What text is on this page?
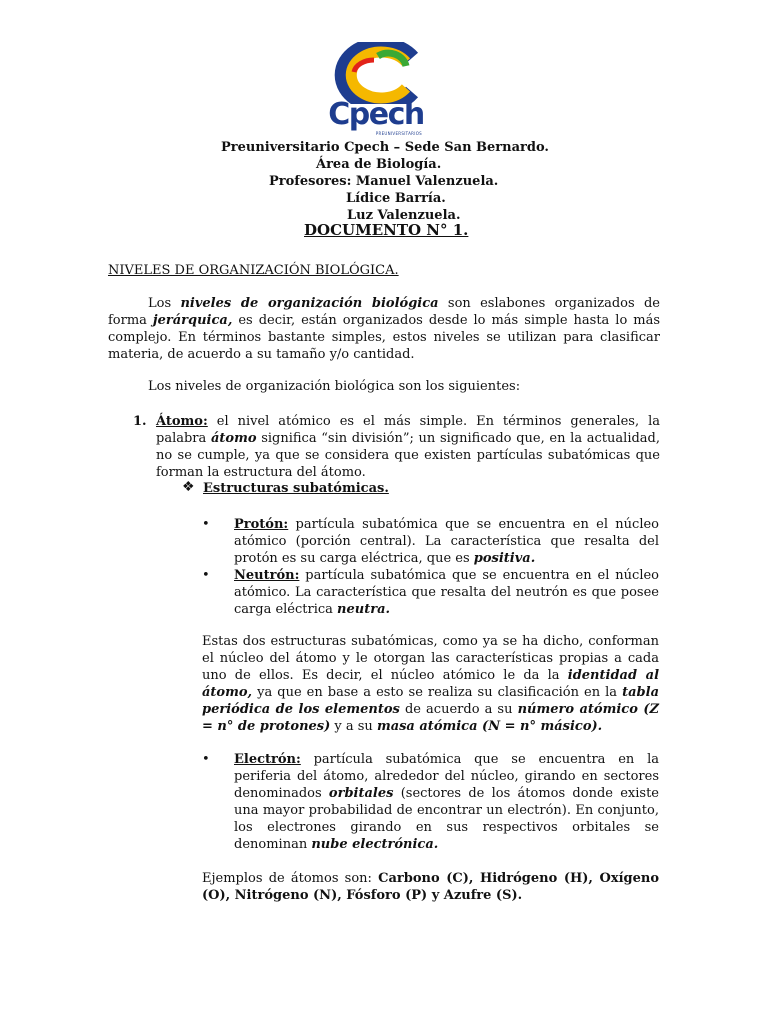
Cpech
PREUNIVERSITARIOS
Preuniversitario Cpech – Sede San Bernardo.
Área de Biología.
Profesores: Manuel Valenzuela.
Lídice Barría.
Luz Valenzuela.
DOCUMENTO N° 1.
NIVELES DE ORGANIZACIÓN BIOLÓGICA.
Los niveles de organización biológica son eslabones organizados de forma jerárquica, es decir, están organizados desde lo más simple hasta lo más complejo. En términos bastante simples, estos niveles se utilizan para clasificar materia, de acuerdo a su tamaño y/o cantidad.
Los niveles de organización biológica son los siguientes:
1. Átomo: el nivel atómico es el más simple. En términos generales, la palabra átomo significa “sin división”; un significado que, en la actualidad, no se cumple, ya que se considera que existen partículas subatómicas que forman la estructura del átomo.
❖ Estructuras subatómicas.
• Protón: partícula subatómica que se encuentra en el núcleo atómico (porción central). La característica que resalta del protón es su carga eléctrica, que es positiva.
• Neutrón: partícula subatómica que se encuentra en el núcleo atómico. La característica que resalta del neutrón es que posee carga eléctrica neutra.
Estas dos estructuras subatómicas, como ya se ha dicho, conforman el núcleo del átomo y le otorgan las características propias a cada uno de ellos. Es decir, el núcleo atómico le da la identidad al átomo, ya que en base a esto se realiza su clasificación en la tabla periódica de los elementos de acuerdo a su número atómico (Z = n° de protones) y a su masa atómica (N = n° másico).
• Electrón: partícula subatómica que se encuentra en la periferia del átomo, alrededor del núcleo, girando en sectores denominados orbitales (sectores de los átomos donde existe una mayor probabilidad de encontrar un electrón). En conjunto, los electrones girando en sus respectivos orbitales se denominan nube electrónica.
Ejemplos de átomos son: Carbono (C), Hidrógeno (H), Oxígeno (O), Nitrógeno (N), Fósforo (P) y Azufre (S).
